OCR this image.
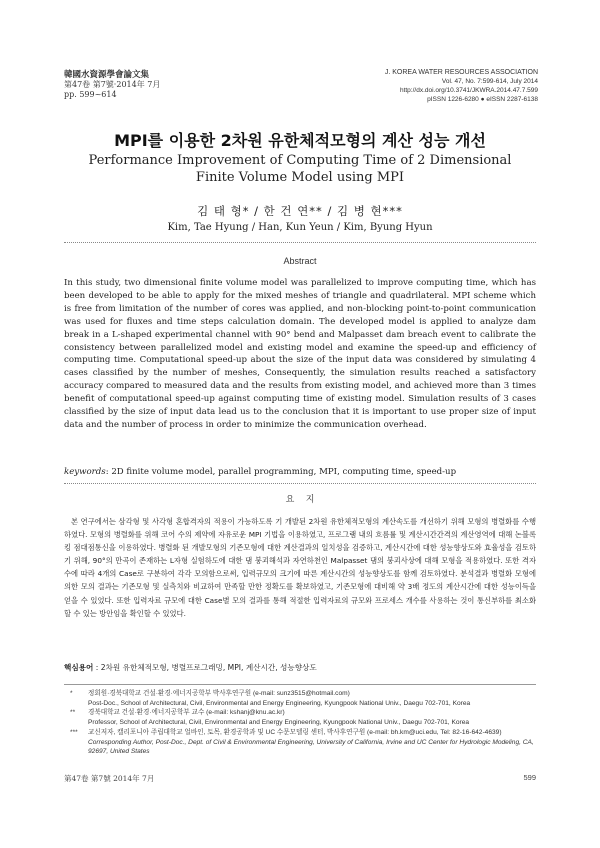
韓國水資源學會論文集
第47卷 第7號·2014年 7月
pp. 599~614
J. KOREA WATER RESOURCES ASSOCIATION
Vol. 47, No. 7:599-614, July 2014
http://dx.doi.org/10.3741/JKWRA.2014.47.7.599
pISSN 1226-6280 ● eISSN 2287-6138
MPI를 이용한 2차원 유한체적모형의 계산 성능 개선
Performance Improvement of Computing Time of 2 Dimensional Finite Volume Model using MPI
김 태 형* / 한 건 연** / 김 병 현***
Kim, Tae Hyung / Han, Kun Yeun / Kim, Byung Hyun
Abstract
In this study, two dimensional finite volume model was parallelized to improve computing time, which has been developed to be able to apply for the mixed meshes of triangle and quadrilateral. MPI scheme which is free from limitation of the number of cores was applied, and non-blocking point-to-point communication was used for fluxes and time steps calculation domain. The developed model is applied to analyze dam break in a L-shaped experimental channel with 90° bend and Malpasset dam breach event to calibrate the consistency between parallelized model and existing model and examine the speed-up and efficiency of computing time. Computational speed-up about the size of the input data was considered by simulating 4 cases classified by the number of meshes, Consequently, the simulation results reached a satisfactory accuracy compared to measured data and the results from existing model, and achieved more than 3 times benefit of computational speed-up against computing time of existing model. Simulation results of 3 cases classified by the size of input data lead us to the conclusion that it is important to use proper size of input data and the number of process in order to minimize the communication overhead.
keywords: 2D finite volume model, parallel programming, MPI, computing time, speed-up
요    지
본 연구에서는 삼각형 및 사각형 혼합격자의 적용이 가능하도록 기 개발된 2차원 유한체적모형의 계산속도를 개선하기 위해 모형의 병렬화를 수행하였다. 모형의 병렬화를 위해 코어 수의 제약에 자유로운 MPI 기법을 이용하였고, 프로그램 내의 흐름률 및 계산시간간격의 계산영역에 대해 논블록킹 점대점통신을 이용하였다. 병렬화 된 개발모형의 기존모형에 대한 계산결과의 일치성을 검증하고, 계산시간에 대한 성능향상도와 효율성을 검토하기 위해, 90°의 만곡이 존재하는 L자형 실험하도에 대한 댐 붕괴해석과 자연하천인 Malpasset 댐의 붕괴사상에 대해 모형을 적용하였다. 또한 격자수에 따라 4개의 Case로 구분하여 각각 모의함으로써, 입력규모의 크기에 따른 계산시간의 성능향상도를 함께 검토하였다. 분석결과 병렬화 모형에 의한 모의 결과는 기존모형 및 실측치와 비교하여 만족할 만한 정확도를 확보하였고, 기존모형에 대비해 약 3배 정도의 계산시간에 대한 성능이득을 얻을 수 있었다. 또한 입력자료 규모에 대한 Case별 모의 결과를 통해 적절한 입력자료의 규모와 프로세스 개수를 사용하는 것이 통신부하를 최소화할 수 있는 방안임을 확인할 수 있었다.
핵심용어 : 2차원 유한체적모형, 병렬프로그래밍, MPI, 계산시간, 성능향상도
* 정회원·경북대학교 건설·환경·에너지공학부 박사후연구원 (e-mail: sunz3515@hotmail.com)
Post-Doc., School of Architectural, Civil, Environmental and Energy Engineering, Kyungpook National Univ., Daegu 702-701, Korea
** 경북대학교 건설·환경·에너지공학부 교수 (e-mail: kshanj@knu.ac.kr)
Professor, School of Architectural, Civil, Environmental and Energy Engineering, Kyungpook National Univ., Daegu 702-701, Korea
*** 교신저자, 캘리포니아 주립대학교 얼바인, 토목, 환경공학과 및 UC 수문모델링 센터, 박사후연구원 (e-mail: bh.km@uci.edu, Tel: 82-16-642-4639)
Corresponding Author, Post-Doc., Dept. of Civil & Environmental Engineering, University of California, Irvine and UC Center for Hydrologic Modeling, CA, 92697, United States
第47卷 第7號 2014年 7月	599
